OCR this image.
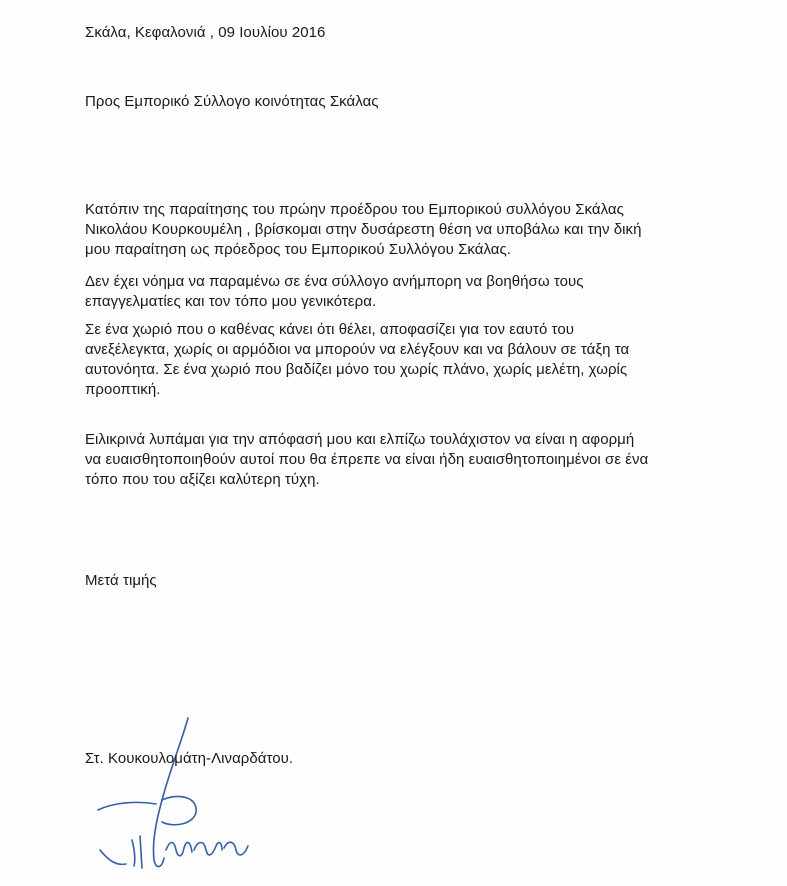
Σκάλα, Κεφαλονιά , 09 Ιουλίου 2016
Προς Εμπορικό Σύλλογο κοινότητας Σκάλας
Κατόπιν της παραίτησης του πρώην προέδρου του Εμπορικού συλλόγου Σκάλας
Νικολάου Κουρκουμέλη , βρίσκομαι στην δυσάρεστη θέση να υποβάλω και την δική
μου παραίτηση ως πρόεδρος του Εμπορικού Συλλόγου Σκάλας.
Δεν έχει νόημα να παραμένω σε ένα σύλλογο ανήμπορη να βοηθήσω τους
επαγγελματίες και τον τόπο μου γενικότερα.
Σε ένα χωριό που ο καθένας κάνει ότι θέλει, αποφασίζει για τον εαυτό του
ανεξέλεγκτα, χωρίς οι αρμόδιοι να μπορούν να ελέγξουν και να βάλουν σε τάξη τα
αυτονόητα. Σε ένα χωριό που βαδίζει μόνο του χωρίς πλάνο, χωρίς μελέτη, χωρίς
προοπτική.
Ειλικρινά λυπάμαι για την απόφασή μου και ελπίζω τουλάχιστον να είναι η αφορμή
να ευαισθητοποιηθούν αυτοί που θα έπρεπε να είναι ήδη ευαισθητοποιημένοι σε ένα
τόπο που του αξίζει καλύτερη τύχη.
Μετά τιμής
Στ. Κουκουλομάτη-Λιναρδάτου.
